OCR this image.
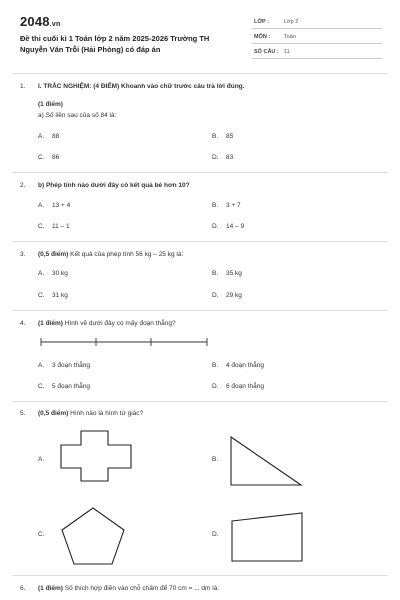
2048.vn
Đề thi cuối kì 1 Toán lớp 2 năm 2025-2026 Trường TH Nguyễn Văn Trỗi (Hải Phòng) có đáp án
LỚP :	Lớp 2
MÔN :	Toán
SỐ CÂU : 11
1. I. TRẮC NGHIỆM: (4 ĐIỂM) Khoanh vào chữ trước câu trả lời đúng.
(1 điểm)
a) Số liền sau của số 84 là:
A. 88	B. 85
C. 86	D. 83
2. b) Phép tính nào dưới đây có kết quả bé hơn 10?
A. 13 + 4	B. 3 + 7
C. 11 – 1	D. 14 – 9
3. (0,5 điểm) Kết quả của phép tính 56 kg – 25 kg là:
A. 30 kg	B. 35 kg
C. 31 kg	D. 29 kg
4. (1 điểm) Hình vẽ dưới đây có mấy đoạn thẳng?
A. 3 đoạn thẳng	B. 4 đoạn thẳng
C. 5 đoạn thẳng	D. 6 đoạn thẳng
5. (0,5 điểm) Hình nào là hình tứ giác?
A.	B.
C.	D.
6. (1 điểm) Số thích hợp điền vào chỗ chấm để 70 cm = ... dm là:
